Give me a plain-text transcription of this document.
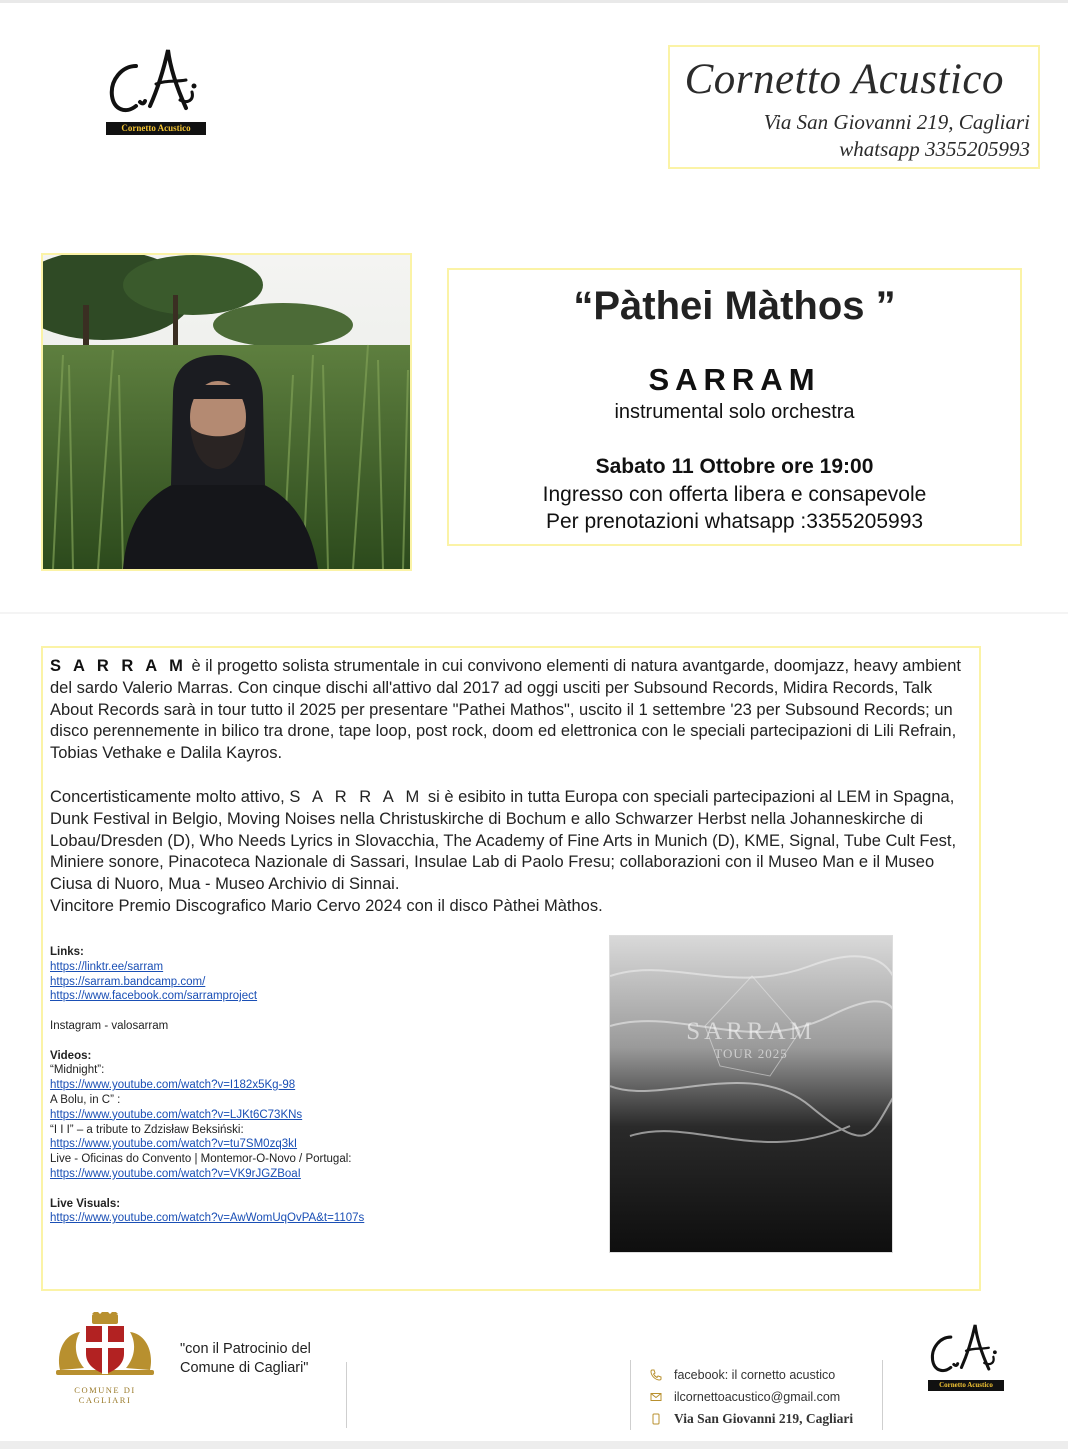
Cornetto Acustico
Cornetto Acustico
Via San Giovanni 219, Cagliari
whatsapp 3355205993
“Pàthei Màthos ”
SARRAM
instrumental solo orchestra
Sabato 11 Ottobre ore 19:00
Ingresso con offerta libera e consapevole
Per prenotazioni whatsapp :3355205993
S A R R A M è il progetto solista strumentale in cui convivono elementi di natura avantgarde, doomjazz, heavy ambient del sardo Valerio Marras. Con cinque dischi all'attivo dal 2017 ad oggi usciti per Subsound Records, Midira Records, Talk About Records sarà in tour tutto il 2025 per presentare "Pathei Mathos", uscito il 1 settembre '23 per Subsound Records; un disco perennemente in bilico tra drone, tape loop, post rock, doom ed elettronica con le speciali partecipazioni di Lili Refrain, Tobias Vethake e Dalila Kayros.
Concertisticamente molto attivo, S A R R A M si è esibito in tutta Europa con speciali partecipazioni al LEM in Spagna, Dunk Festival in Belgio, Moving Noises nella Christuskirche di Bochum e allo Schwarzer Herbst nella Johanneskirche di Lobau/Dresden (D), Who Needs Lyrics in Slovacchia, The Academy of Fine Arts in Munich (D), KME, Signal, Tube Cult Fest, Miniere sonore, Pinacoteca Nazionale di Sassari, Insulae Lab di Paolo Fresu; collaborazioni con il Museo Man e il Museo Ciusa di Nuoro, Mua - Museo Archivio di Sinnai.
Vincitore Premio Discografico Mario Cervo 2024 con il disco Pàthei Màthos.
Links:
https://linktr.ee/sarram
https://sarram.bandcamp.com/
https://www.facebook.com/sarramproject
Instagram - valosarram
Videos:
“Midnight”:
https://www.youtube.com/watch?v=I182x5Kg-98
A Bolu, in C” :
https://www.youtube.com/watch?v=LJKt6C73KNs
“I I I” – a tribute to Zdzisław Beksiński:
https://www.youtube.com/watch?v=tu7SM0zq3kI
Live - Oficinas do Convento | Montemor-O-Novo / Portugal:
https://www.youtube.com/watch?v=VK9rJGZBoaI
Live Visuals:
https://www.youtube.com/watch?v=AwWomUqOvPA&t=1107s
SARRAM
TOUR 2025
COMUNE DI CAGLIARI
"con il Patrocinio del
Comune di Cagliari"	facebook: il cornetto acustico
ilcornettoacustico@gmail.com
Via San Giovanni 219, Cagliari
Cornetto Acustico
